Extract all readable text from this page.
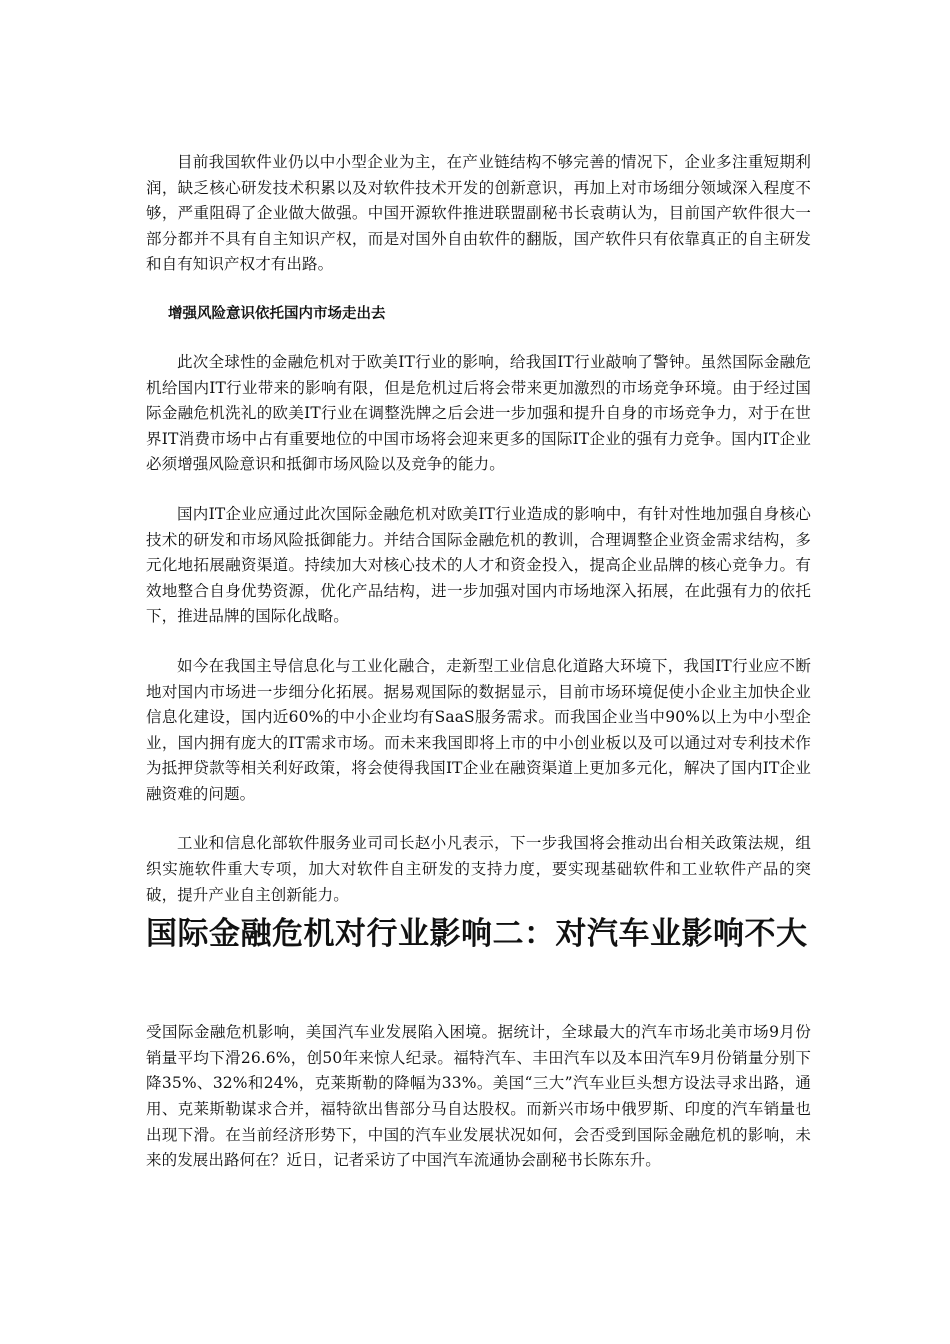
目前我国软件业仍以中小型企业为主，在产业链结构不够完善的情况下，企业多注重短期利润，缺乏核心研发技术积累以及对软件技术开发的创新意识，再加上对市场细分领域深入程度不够，严重阻碍了企业做大做强。中国开源软件推进联盟副秘书长袁萌认为，目前国产软件很大一部分都并不具有自主知识产权，而是对国外自由软件的翻版，国产软件只有依靠真正的自主研发和自有知识产权才有出路。

增强风险意识依托国内市场走出去

此次全球性的金融危机对于欧美IT行业的影响，给我国IT行业敲响了警钟。虽然国际金融危机给国内IT行业带来的影响有限，但是危机过后将会带来更加激烈的市场竞争环境。由于经过国际金融危机洗礼的欧美IT行业在调整洗牌之后会进一步加强和提升自身的市场竞争力，对于在世界IT消费市场中占有重要地位的中国市场将会迎来更多的国际IT企业的强有力竞争。国内IT企业必须增强风险意识和抵御市场风险以及竞争的能力。

国内IT企业应通过此次国际金融危机对欧美IT行业造成的影响中，有针对性地加强自身核心技术的研发和市场风险抵御能力。并结合国际金融危机的教训，合理调整企业资金需求结构，多元化地拓展融资渠道。持续加大对核心技术的人才和资金投入，提高企业品牌的核心竞争力。有效地整合自身优势资源，优化产品结构，进一步加强对国内市场地深入拓展，在此强有力的依托下，推进品牌的国际化战略。

如今在我国主导信息化与工业化融合，走新型工业信息化道路大环境下，我国IT行业应不断地对国内市场进一步细分化拓展。据易观国际的数据显示，目前市场环境促使小企业主加快企业信息化建设，国内近60%的中小企业均有SaaS服务需求。而我国企业当中90%以上为中小型企业，国内拥有庞大的IT需求市场。而未来我国即将上市的中小创业板以及可以通过对专利技术作为抵押贷款等相关利好政策，将会使得我国IT企业在融资渠道上更加多元化，解决了国内IT企业融资难的问题。

工业和信息化部软件服务业司司长赵小凡表示，下一步我国将会推动出台相关政策法规，组织实施软件重大专项，加大对软件自主研发的支持力度，要实现基础软件和工业软件产品的突破，提升产业自主创新能力。

国际金融危机对行业影响二：对汽车业影响不大

受国际金融危机影响，美国汽车业发展陷入困境。据统计，全球最大的汽车市场北美市场9月份销量平均下滑26.6%，创50年来惊人纪录。福特汽车、丰田汽车以及本田汽车9月份销量分别下降35%、32%和24%，克莱斯勒的降幅为33%。美国“三大”汽车业巨头想方设法寻求出路，通用、克莱斯勒谋求合并，福特欲出售部分马自达股权。而新兴市场中俄罗斯、印度的汽车销量也出现下滑。在当前经济形势下，中国的汽车业发展状况如何，会否受到国际金融危机的影响，未来的发展出路何在？近日，记者采访了中国汽车流通协会副秘书长陈东升。
